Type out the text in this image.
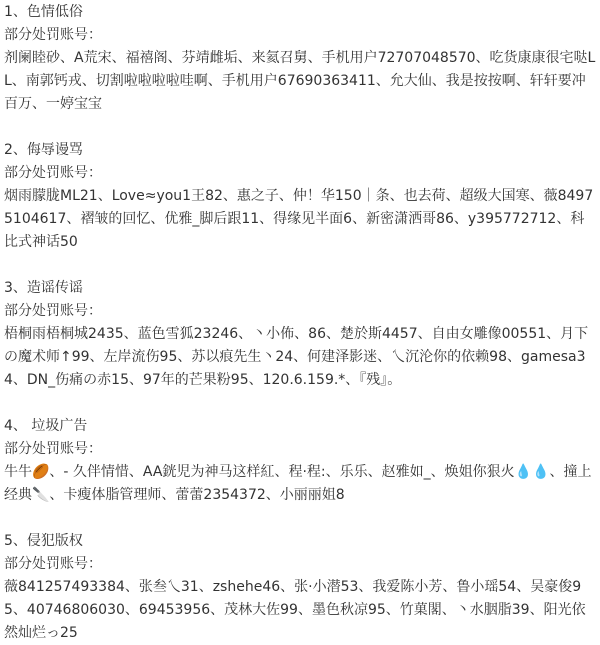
1、色情低俗

部分处罚账号：

剂阑睦砂、A荒宋、福禧阁、芬靖雌垢、来氦召舅、手机用户72707048570、吃货康康很宅哒LL、南郭钙戎、切割啦啦啦啦哇啊、手机用户67690363411、允大仙、我是按按啊、轩轩要冲百万、一婷宝宝

2、侮辱谩骂

部分处罚账号：

烟雨朦胧ML21、Love≈you1王82、惠之子、仲！华150｜条、也去荷、超级大国寒、薇84975104617、褶皱的回忆、优雅_脚后跟11、得缘见半面6、新密潇洒哥86、y395772712、科比式神话50

3、造谣传谣

部分处罚账号：

梧桐雨梧桐城2435、蓝色雪狐23246、丶小佈、86、楚於斯4457、自由女雕像00551、月下の魔术师↑99、左岸流伤95、苏以痕先生丶24、何建泽影迷、乀沉沦你的依赖98、gamesa34、DN_伤痛の赤15、97年的芒果粉95、120.6.159.*、『残』。

4、 垃圾广告

部分处罚账号：

牛牛🏉、- 久伴情惜、AA銧児为神马这样紅、程·程:、乐乐、赵雅如_、焕姐你狠火💧💧、撞上经典🔪、卡瘦体脂管理师、蕾蕾2354372、小丽丽姐8

5、侵犯版权

部分处罚账号：

薇841257493384、张叁乀31、zshehe46、张·小潜53、我爱陈小芳、鲁小瑶54、吴豪俊95、40746806030、69453956、茂林大佐99、墨色秋凉95、竹菓閣、丶水胭脂39、阳光依然灿烂っ25
